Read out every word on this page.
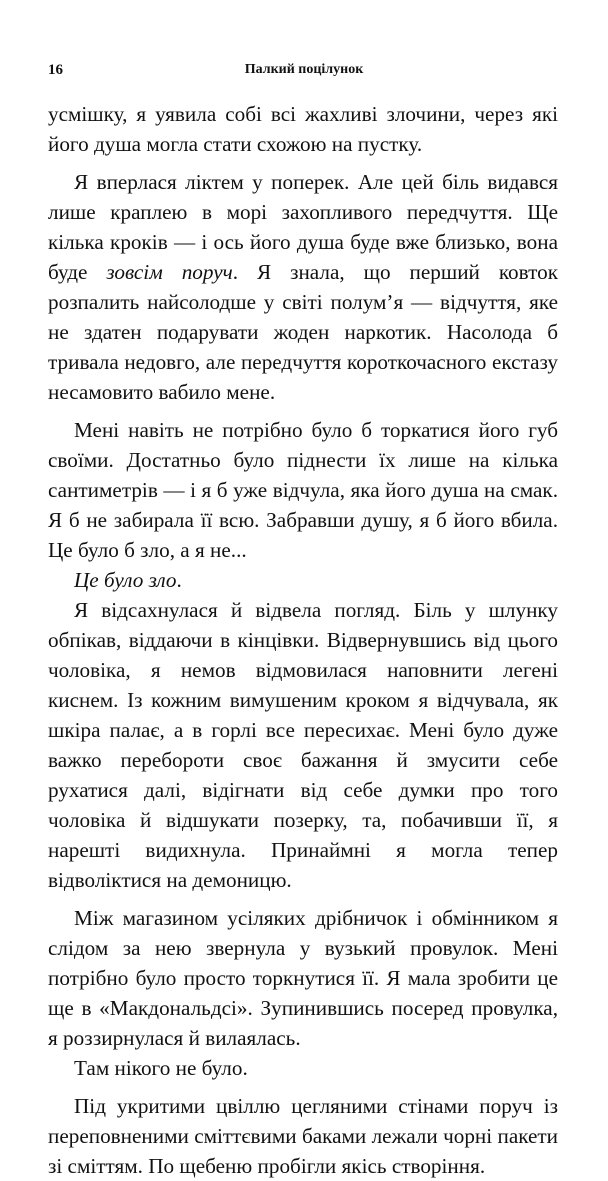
16	Палкий поцілунок

усмішку, я уявила собі всі жахливі злочини, через які його душа могла стати схожою на пустку.

Я вперлася ліктем у поперек. Але цей біль видався лише краплею в морі захопливого передчуття. Ще кілька кроків — і ось його душа буде вже близько, вона буде зовсім поруч. Я знала, що перший ковток розпалить найсолодше у світі полум’я — відчуття, яке не здатен подарувати жоден наркотик. Насолода б тривала недовго, але передчуття короткочасного екстазу несамовито вабило мене.

Мені навіть не потрібно було б торкатися його губ своїми. Достатньо було піднести їх лише на кілька сантиметрів — і я б уже відчула, яка його душа на смак. Я б не забирала її всю. Забравши душу, я б його вбила. Це було б зло, а я не...

Це було зло.

Я відсахнулася й відвела погляд. Біль у шлунку обпікав, віддаючи в кінцівки. Відвернувшись від цього чоловіка, я немов відмовилася наповнити легені киснем. Із кожним вимушеним кроком я відчувала, як шкіра палає, а в горлі все пересихає. Мені було дуже важко перебороти своє бажання й змусити себе рухатися далі, відігнати від себе думки про того чоловіка й відшукати позерку, та, побачивши її, я нарешті видихнула. Принаймні я могла тепер відволіктися на демоницю.

Між магазином усіляких дрібничок і обмінником я слідом за нею звернула у вузький провулок. Мені потрібно було просто торкнутися її. Я мала зробити це ще в «Макдональдсі». Зупинившись посеред провулка, я роззирнулася й вилаялась.

Там нікого не було.

Під укритими цвіллю цегляними стінами поруч із переповненими сміттєвими баками лежали чорні пакети зі сміттям. По щебеню пробігли якісь створіння.
